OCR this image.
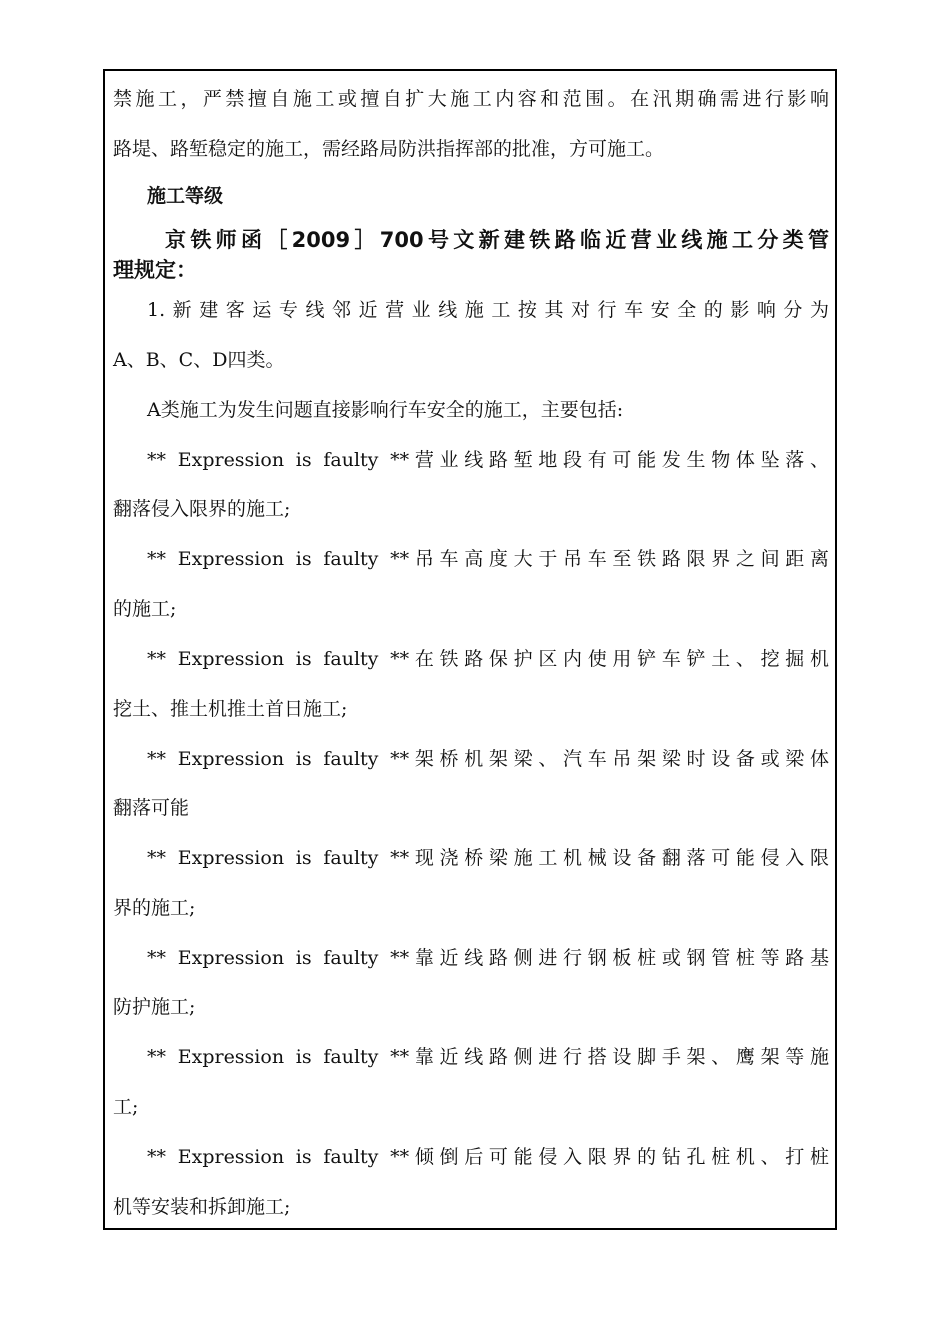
禁施工，严禁擅自施工或擅自扩大施工内容和范围。在汛期确需进行影响
路堤、路堑稳定的施工，需经路局防洪指挥部的批准，方可施工。
施工等级
京铁师函［2009］700号文新建铁路临近营业线施工分类管
理规定：
1.新建客运专线邻近营业线施工按其对行车安全的影响分为
A、B、C、D四类。
A类施工为发生问题直接影响行车安全的施工，主要包括:
** Expression is faulty **营业线路堑地段有可能发生物体坠落、
翻落侵入限界的施工;
** Expression is faulty **吊车高度大于吊车至铁路限界之间距离
的施工;
** Expression is faulty **在铁路保护区内使用铲车铲土、挖掘机
挖土、推土机推土首日施工;
** Expression is faulty **架桥机架梁、汽车吊架梁时设备或梁体
翻落可能
** Expression is faulty **现浇桥梁施工机械设备翻落可能侵入限
界的施工;
** Expression is faulty **靠近线路侧进行钢板桩或钢管桩等路基
防护施工;
** Expression is faulty **靠近线路侧进行搭设脚手架、鹰架等施
工;
** Expression is faulty **倾倒后可能侵入限界的钻孔桩机、打桩
机等安装和拆卸施工;
